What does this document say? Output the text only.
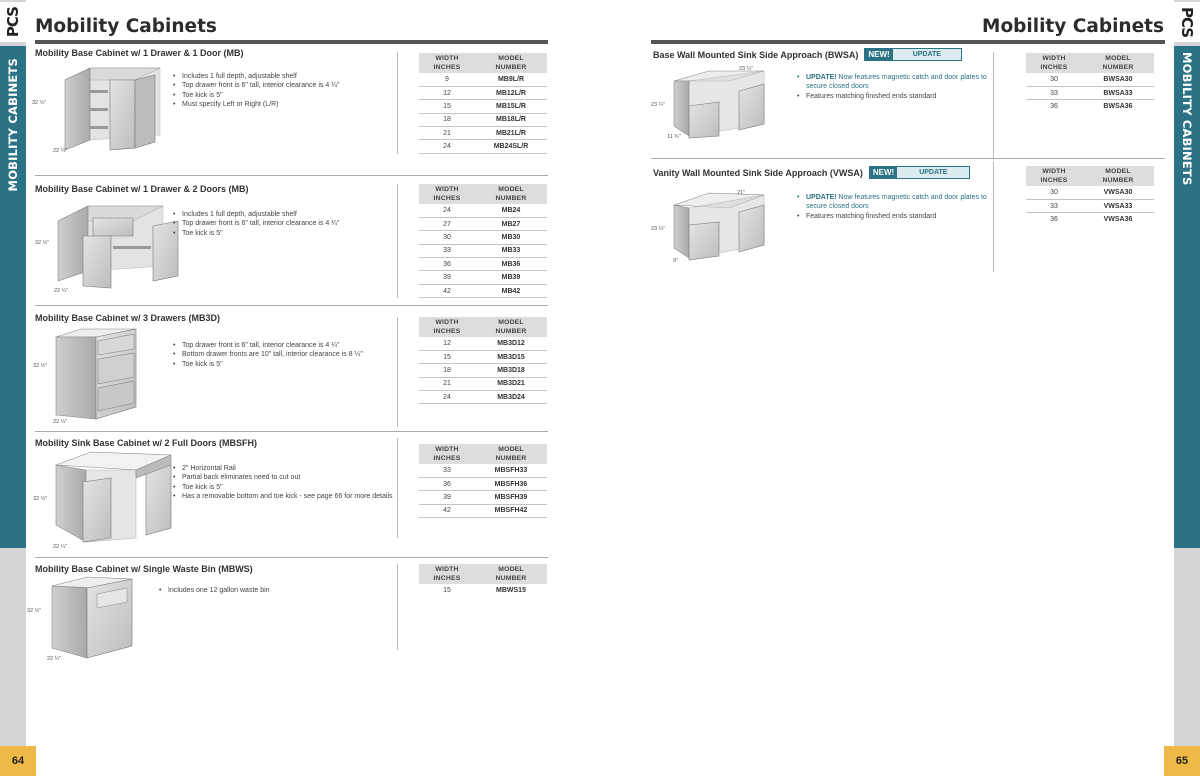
PCS
MOBILITY CABINETS
64
PCS
MOBILITY CABINETS
65
Mobility Cabinets	Mobility Cabinets
Mobility Base Cabinet w/ 1 Drawer & 1 Door (MB)
32 ½"
22 ¼"
• Includes 1 full depth, adjustable shelf
• Top drawer front is 6" tall, interior clearance is 4 ¼"
• Toe kick is 5"
• Must specify Left or Right (L/R)
WIDTH
INCHES	MODEL
NUMBER
9	MB9L/R
12	MB12L/R
15	MB15L/R
18	MB18L/R
21	MB21L/R
24	MB24SL/R
Mobility Base Cabinet w/ 1 Drawer & 2 Doors (MB)
32 ½"
22 ¼"
• Includes 1 full depth, adjustable shelf
• Top drawer front is 6" tall, interior clearance is 4 ¼"
• Toe kick is 5"
WIDTH
INCHES	MODEL
NUMBER
24	MB24
27	MB27
30	MB30
33	MB33
36	MB36
39	MB39
42	MB42
Mobility Base Cabinet w/ 3 Drawers (MB3D)
32 ½"
22 ¼"
• Top drawer front is 6" tall, interior clearance is 4 ¼"
• Bottom drawer fronts are 10" tall, interior clearance is 8 ¼"
• Toe kick is 5"
WIDTH
INCHES	MODEL
NUMBER
12	MB3D12
15	MB3D15
18	MB3D18
21	MB3D21
24	MB3D24
Mobility Sink Base Cabinet w/ 2 Full Doors (MBSFH)
32 ½"
22 ¼"
• 2" Horizontal Rail
• Partial back eliminates need to cut out
• Toe kick is 5"
• Has a removable bottom and toe kick - see page 66 for more details
WIDTH
INCHES	MODEL
NUMBER
33	MBSFH33
36	MBSFH36
39	MBSFH39
42	MBSFH42
Mobility Base Cabinet w/ Single Waste Bin (MBWS)
32 ½"
22 ¼"
• Includes one 12 gallon waste bin
WIDTH
INCHES	MODEL
NUMBER
15	MBWS15
Base Wall Mounted Sink Side Approach (BWSA)	NEW!	UPDATE
23 ¼"
23 ¼"
11 ¾"
• UPDATE! Now features magnetic catch and door plates to secure closed doors
• Features matching finished ends standard
WIDTH
INCHES	MODEL
NUMBER
30	BWSA30
33	BWSA33
36	BWSA36
Vanity Wall Mounted Sink Side Approach (VWSA)	NEW!	UPDATE
21"
23 ¼"
9"
• UPDATE! Now features magnetic catch and door plates to secure closed doors
• Features matching finished ends standard
WIDTH
INCHES	MODEL
NUMBER
30	VWSA30
33	VWSA33
36	VWSA36
